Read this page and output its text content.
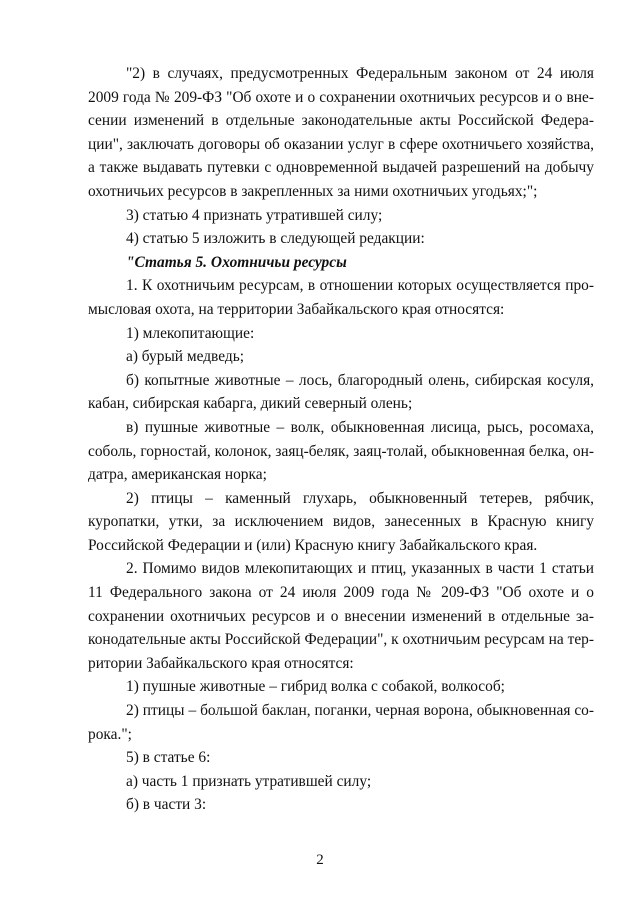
"2) в случаях, предусмотренных Федеральным законом от 24 июля 2009 года № 209-ФЗ "Об охоте и о сохранении охотничьих ресурсов и о внесении изменений в отдельные законодательные акты Российской Федерации", заключать договоры об оказании услуг в сфере охотничьего хозяйства, а также выдавать путевки с одновременной выдачей разрешений на добычу охотничьих ресурсов в закрепленных за ними охотничьих угодьях;";

3) статью 4 признать утратившей силу;

4) статью 5 изложить в следующей редакции:

"Статья 5. Охотничьи ресурсы

1. К охотничьим ресурсам, в отношении которых осуществляется промысловая охота, на территории Забайкальского края относятся:

1) млекопитающие:

а) бурый медведь;

б) копытные животные – лось, благородный олень, сибирская косуля, кабан, сибирская кабарга, дикий северный олень;

в) пушные животные – волк, обыкновенная лисица, рысь, росомаха, соболь, горностай, колонок, заяц-беляк, заяц-толай, обыкновенная белка, ондатра, американская норка;

2) птицы – каменный глухарь, обыкновенный тетерев, рябчик, куропатки, утки, за исключением видов, занесенных в Красную книгу Российской Федерации и (или) Красную книгу Забайкальского края.

2. Помимо видов млекопитающих и птиц, указанных в части 1 статьи 11 Федерального закона от 24 июля 2009 года № 209-ФЗ "Об охоте и о сохранении охотничьих ресурсов и о внесении изменений в отдельные законодательные акты Российской Федерации", к охотничьим ресурсам на территории Забайкальского края относятся:

1) пушные животные – гибрид волка с собакой, волкособ;

2) птицы – большой баклан, поганки, черная ворона, обыкновенная сорока.";

5) в статье 6:

а) часть 1 признать утратившей силу;

б) в части 3:

2
